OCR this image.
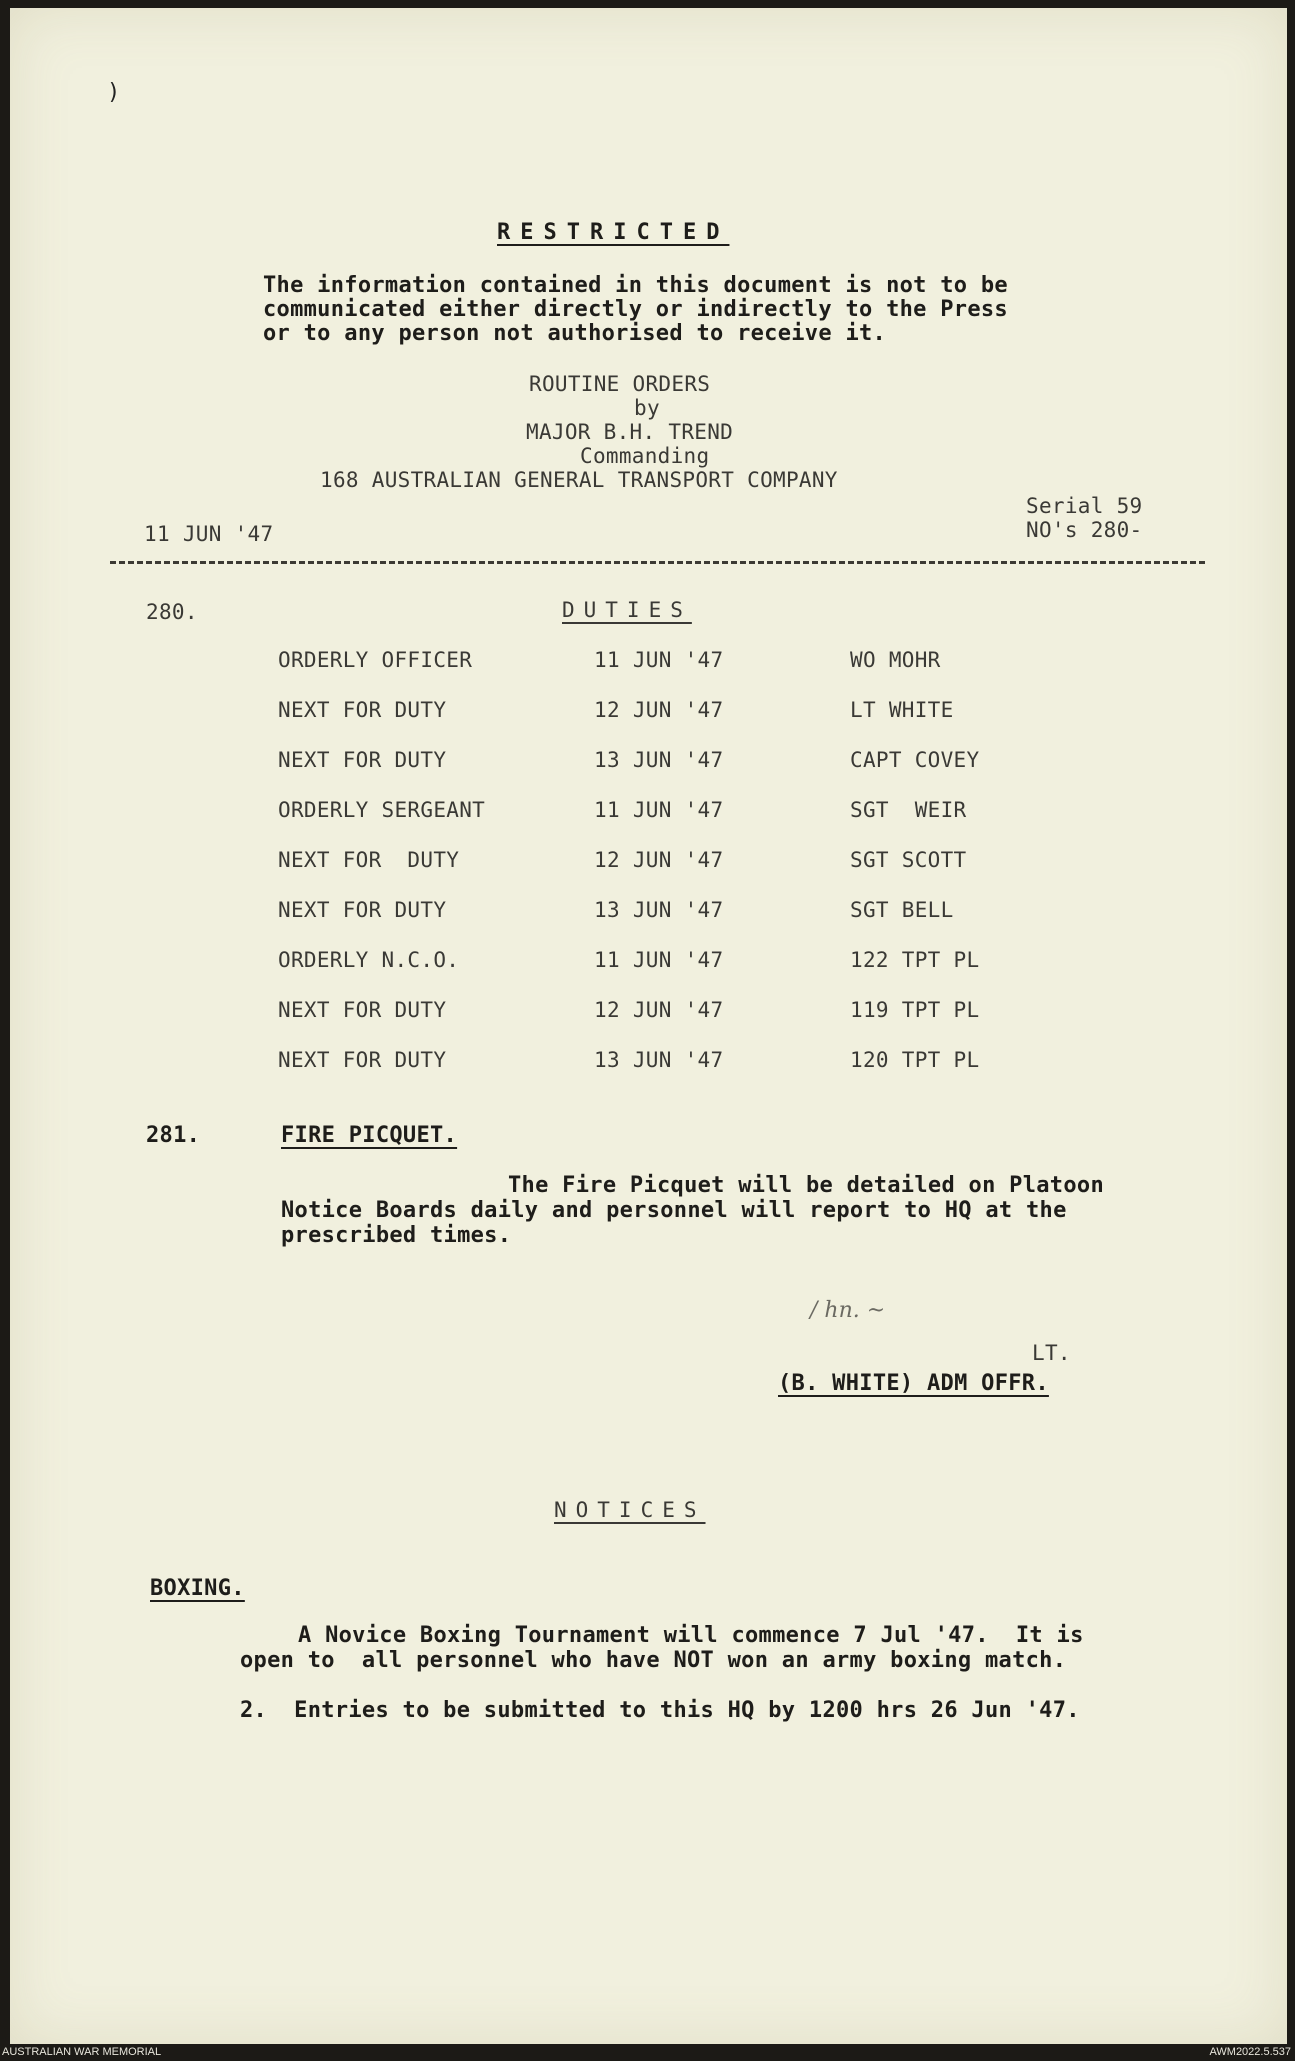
)
RESTRICTED
The information contained in this document is not to be
communicated either directly or indirectly to the Press
or to any person not authorised to receive it.
ROUTINE ORDERS
by
MAJOR B.H. TREND
Commanding
168 AUSTRALIAN GENERAL TRANSPORT COMPANY
Serial 59
11 JUN '47	NO's 280-
280.	DUTIES
ORDERLY OFFICER	11 JUN '47	WO MOHR
NEXT FOR DUTY	12 JUN '47	LT WHITE
NEXT FOR DUTY	13 JUN '47	CAPT COVEY
ORDERLY SERGEANT	11 JUN '47	SGT  WEIR
NEXT FOR  DUTY	12 JUN '47	SGT SCOTT
NEXT FOR DUTY	13 JUN '47	SGT BELL
ORDERLY N.C.O.	11 JUN '47	122 TPT PL
NEXT FOR DUTY	12 JUN '47	119 TPT PL
NEXT FOR DUTY	13 JUN '47	120 TPT PL
281.	FIRE PICQUET.
The Fire Picquet will be detailed on Platoon
Notice Boards daily and personnel will report to HQ at the
prescribed times.
/ hn. ~
LT.
(B. WHITE) ADM OFFR.
NOTICES
BOXING.
A Novice Boxing Tournament will commence 7 Jul '47.  It is
open to  all personnel who have NOT won an army boxing match.
2.  Entries to be submitted to this HQ by 1200 hrs 26 Jun '47.
AUSTRALIAN WAR MEMORIAL	AWM2022.5.537
